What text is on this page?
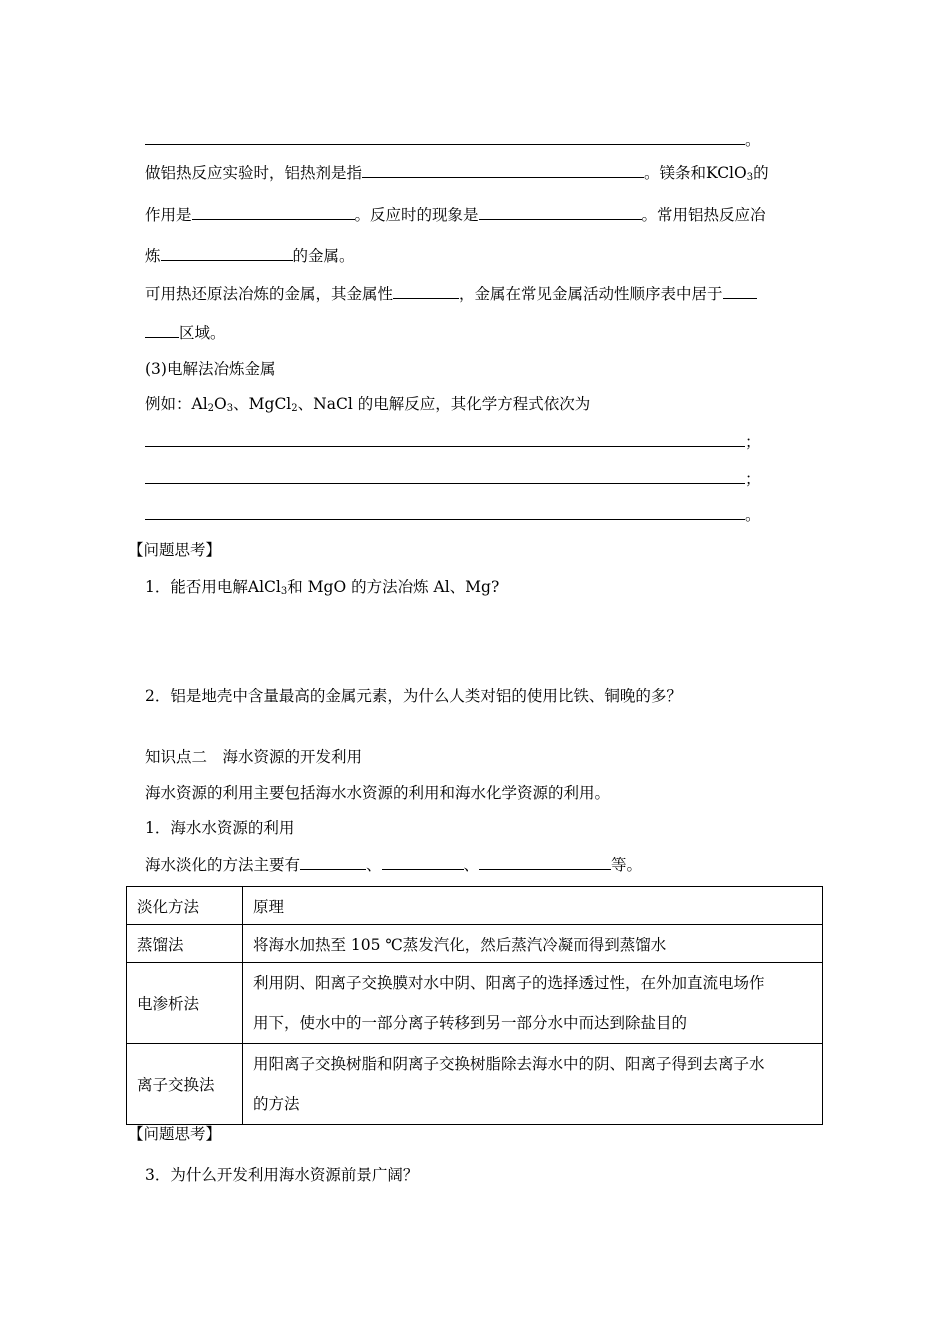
。
做铝热反应实验时，铝热剂是指	。镁条和KClO$_3$的
作用是	。反应时的现象是	。常用铝热反应冶
炼	的金属。
可用热还原法冶炼的金属，其金属性	，金属在常见金属活动性顺序表中居于
区域。
(3)电解法冶炼金属
例如：$Al_2O_3$、MgCl$_2$、NaCl 的电解反应，其化学方程式依次为
；
；
。
【问题思考】
1．能否用电解AlCl$_3$和 MgO 的方法冶炼 Al、Mg?
2．铝是地壳中含量最高的金属元素，为什么人类对铝的使用比铁、铜晚的多？
知识点二　海水资源的开发利用
海水资源的利用主要包括海水水资源的利用和海水化学资源的利用。
1．海水水资源的利用
海水淡化的方法主要有	、	、	等。
淡化方法	原理
蒸馏法	将海水加热至 105 ℃蒸发汽化，然后蒸汽冷凝而得到蒸馏水
电渗析法	利用阴、阳离子交换膜对水中阴、阳离子的选择透过性，在外加直流电场作
用下，使水中的一部分离子转移到另一部分水中而达到除盐目的

离子交换法	用阳离子交换树脂和阴离子交换树脂除去海水中的阴、阳离子得到去离子水
的方法
【问题思考】
3．为什么开发利用海水资源前景广阔？
